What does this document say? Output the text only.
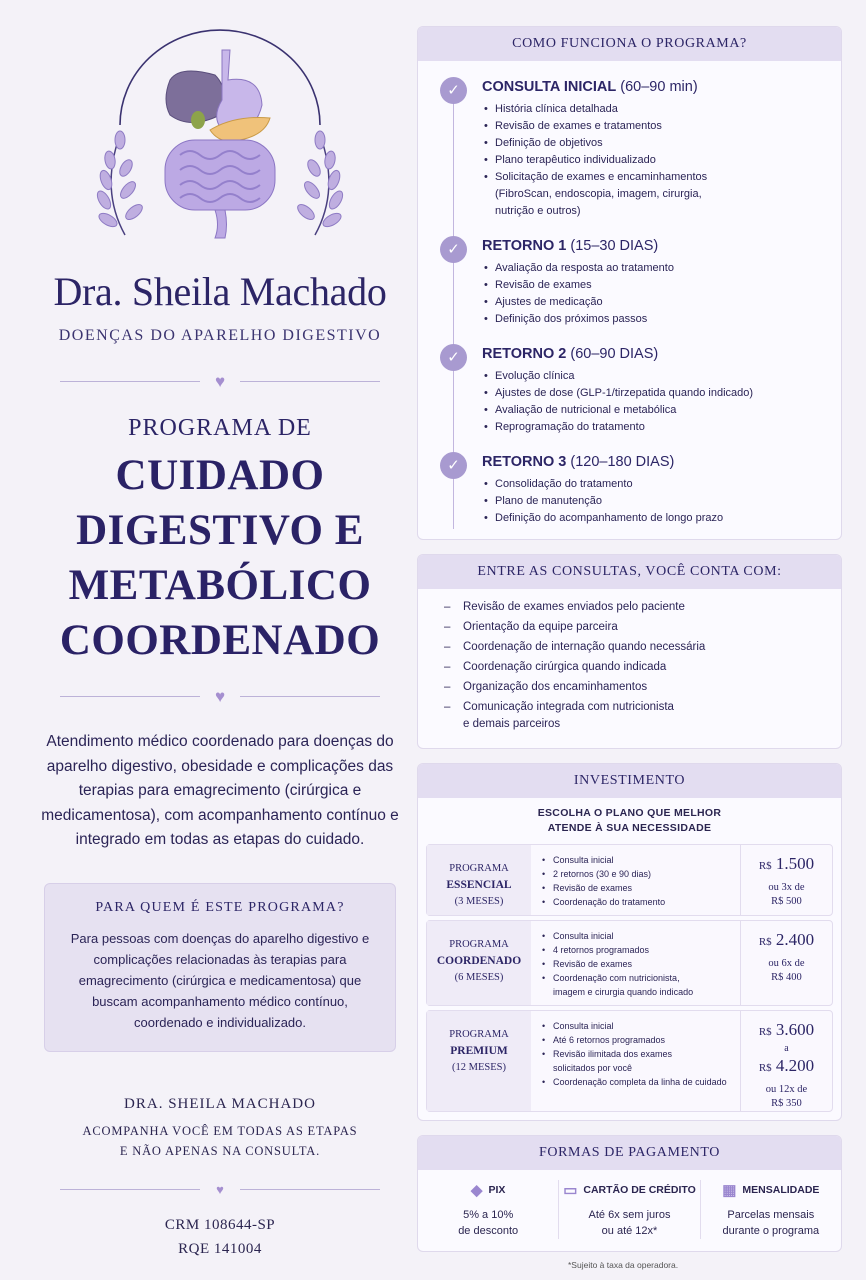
Dra. Sheila Machado
DOENÇAS DO APARELHO DIGESTIVO
♥
PROGRAMA DE
CUIDADO
DIGESTIVO E
METABÓLICO
COORDENADO
♥
Atendimento médico coordenado para doenças do aparelho digestivo, obesidade e complicações das terapias para emagrecimento (cirúrgica e medicamentosa), com acompanhamento contínuo e integrado em todas as etapas do cuidado.
PARA QUEM É ESTE PROGRAMA?

Para pessoas com doenças do aparelho digestivo e complicações relacionadas às terapias para emagrecimento (cirúrgica e medicamentosa) que buscam acompanhamento médico contínuo, coordenado e individualizado.

DRA. SHEILA MACHADO
ACOMPANHA VOCÊ EM TODAS AS ETAPAS
E NÃO APENAS NA CONSULTA.
♥
CRM 108644-SP
RQE 141004
COMO FUNCIONA O PROGRAMA?
✓	CONSULTA INICIAL (60–90 min)
• História clínica detalhada
• Revisão de exames e tratamentos
• Definição de objetivos
• Plano terapêutico individualizado
• Solicitação de exames e encaminhamentos
(FibroScan, endoscopia, imagem, cirurgia,
nutrição e outros)
✓	RETORNO 1 (15–30 DIAS)
• Avaliação da resposta ao tratamento
• Revisão de exames
• Ajustes de medicação
• Definição dos próximos passos
✓	RETORNO 2 (60–90 DIAS)
• Evolução clínica
• Ajustes de dose (GLP-1/tirzepatida quando indicado)
• Avaliação de nutricional e metabólica
• Reprogramação do tratamento
✓	RETORNO 3 (120–180 DIAS)
• Consolidação do tratamento
• Plano de manutenção
• Definição do acompanhamento de longo prazo
ENTRE AS CONSULTAS, VOCÊ CONTA COM:
– Revisão de exames enviados pelo paciente
– Orientação da equipe parceira
– Coordenação de internação quando necessária
– Coordenação cirúrgica quando indicada
– Organização dos encaminhamentos
– Comunicação integrada com nutricionista
e demais parceiros
INVESTIMENTO
ESCOLHA O PLANO QUE MELHOR
ATENDE À SUA NECESSIDADE
PROGRAMA
ESSENCIAL
(3 MESES)
• Consulta inicial
• 2 retornos (30 e 90 dias)
• Revisão de exames
• Coordenação do tratamento
R$ 1.500
ou 3x de
R$ 500
PROGRAMA
COORDENADO
(6 MESES)
• Consulta inicial
• 4 retornos programados
• Revisão de exames
• Coordenação com nutricionista,
imagem e cirurgia quando indicado
R$ 2.400
ou 6x de
R$ 400
PROGRAMA
PREMIUM
(12 MESES)
• Consulta inicial
• Até 6 retornos programados
• Revisão ilimitada dos exames
solicitados por você
• Coordenação completa da linha de cuidado
R$ 3.600
a
R$ 4.200
ou 12x de
R$ 350
FORMAS DE PAGAMENTO
◆ PIX
5% a 10%
de desconto
▭ CARTÃO DE CRÉDITO
Até 6x sem juros
ou até 12x*
▦ MENSALIDADE
Parcelas mensais
durante o programa
*Sujeito à taxa da operadora.
